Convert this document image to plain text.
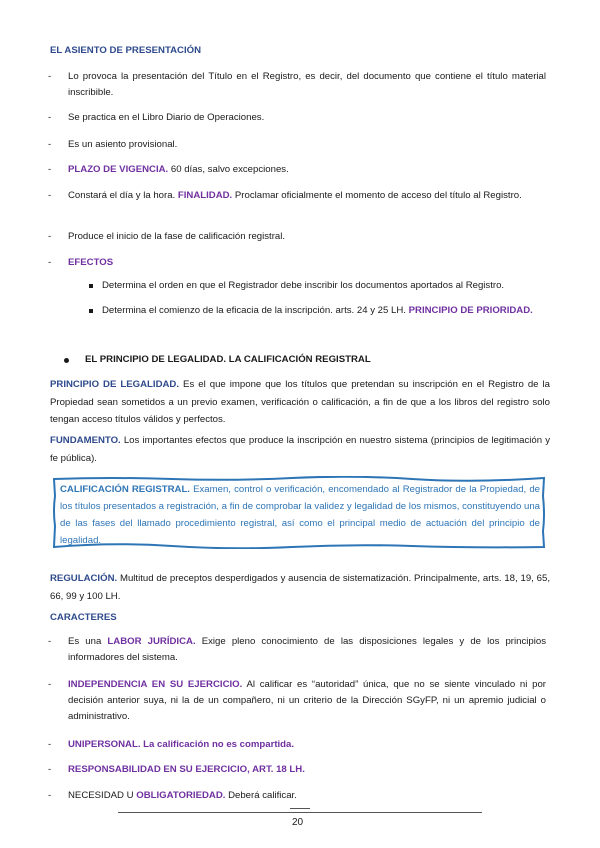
EL ASIENTO DE PRESENTACIÓN
- Lo provoca la presentación del Título en el Registro, es decir, del documento que contiene el título material inscribible.
- Se practica en el Libro Diario de Operaciones.
- Es un asiento provisional.
- PLAZO DE VIGENCIA. 60 días, salvo excepciones.
- Constará el día y la hora. FINALIDAD. Proclamar oficialmente el momento de acceso del título al Registro.
- Produce el inicio de la fase de calificación registral.
- EFECTOS
Determina el orden en que el Registrador debe inscribir los documentos aportados al Registro.
Determina el comienzo de la eficacia de la inscripción. arts. 24 y 25 LH. PRINCIPIO DE PRIORIDAD.
EL PRINCIPIO DE LEGALIDAD. LA CALIFICACIÓN REGISTRAL
PRINCIPIO DE LEGALIDAD. Es el que impone que los títulos que pretendan su inscripción en el Registro de la Propiedad sean sometidos a un previo examen, verificación o calificación, a fin de que a los libros del registro solo tengan acceso títulos válidos y perfectos.
FUNDAMENTO. Los importantes efectos que produce la inscripción en nuestro sistema (principios de legitimación y fe pública).
CALIFICACIÓN REGISTRAL. Examen, control o verificación, encomendado al Registrador de la Propiedad, de los títulos presentados a registración, a fin de comprobar la validez y legalidad de los mismos, constituyendo una de las fases del llamado procedimiento registral, así como el principal medio de actuación del principio de legalidad.
REGULACIÓN. Multitud de preceptos desperdigados y ausencia de sistematización. Principalmente, arts. 18, 19, 65, 66, 99 y 100 LH.
CARACTERES
- Es una LABOR JURÍDICA. Exige pleno conocimiento de las disposiciones legales y de los principios informadores del sistema.
- INDEPENDENCIA EN SU EJERCICIO. Al calificar es “autoridad” única, que no se siente vinculado ni por decisión anterior suya, ni la de un compañero, ni un criterio de la Dirección SGyFP, ni un apremio judicial o administrativo.
- UNIPERSONAL. La calificación no es compartida.
- RESPONSABILIDAD EN SU EJERCICIO, ART. 18 LH.
- NECESIDAD U OBLIGATORIEDAD. Deberá calificar.
20
